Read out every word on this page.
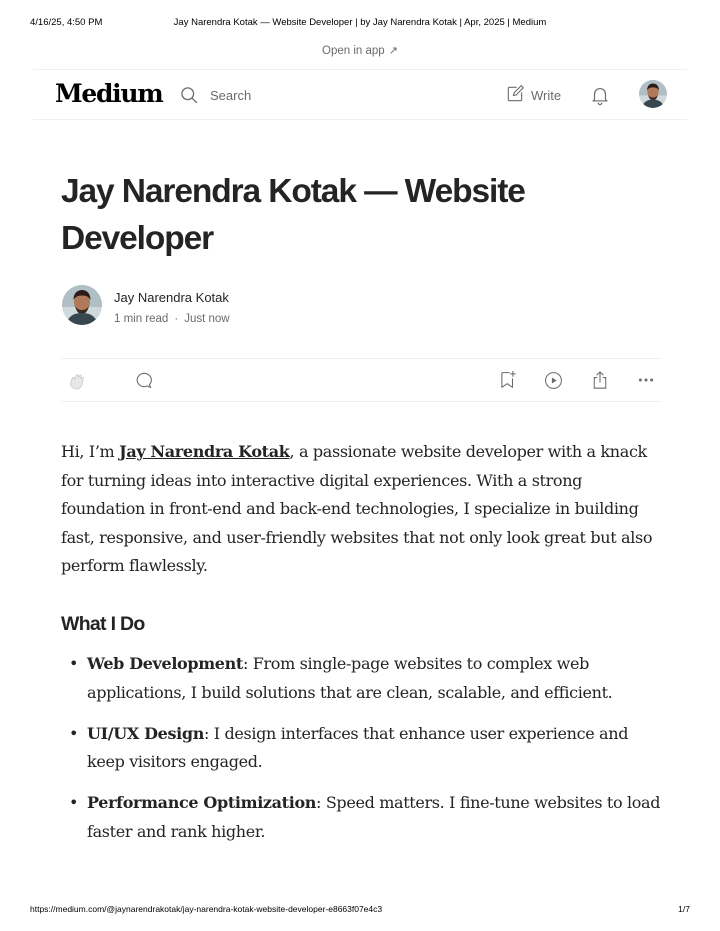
4/16/25, 4:50 PM	Jay Narendra Kotak — Website Developer | by Jay Narendra Kotak | Apr, 2025 | Medium
Open in app ↗
Medium	Search	Write
Jay Narendra Kotak — Website Developer
Jay Narendra Kotak
1 min read · Just now

Hi, I’m Jay Narendra Kotak, a passionate website developer with a knack for turning ideas into interactive digital experiences. With a strong foundation in front-end and back-end technologies, I specialize in building fast, responsive, and user-friendly websites that not only look great but also perform flawlessly.

What I Do
• Web Development: From single-page websites to complex web applications, I build solutions that are clean, scalable, and efficient.
• UI/UX Design: I design interfaces that enhance user experience and keep visitors engaged.
• Performance Optimization: Speed matters. I fine-tune websites to load faster and rank higher.
https://medium.com/@jaynarendrakotak/jay-narendra-kotak-website-developer-e8663f07e4c3	1/7
